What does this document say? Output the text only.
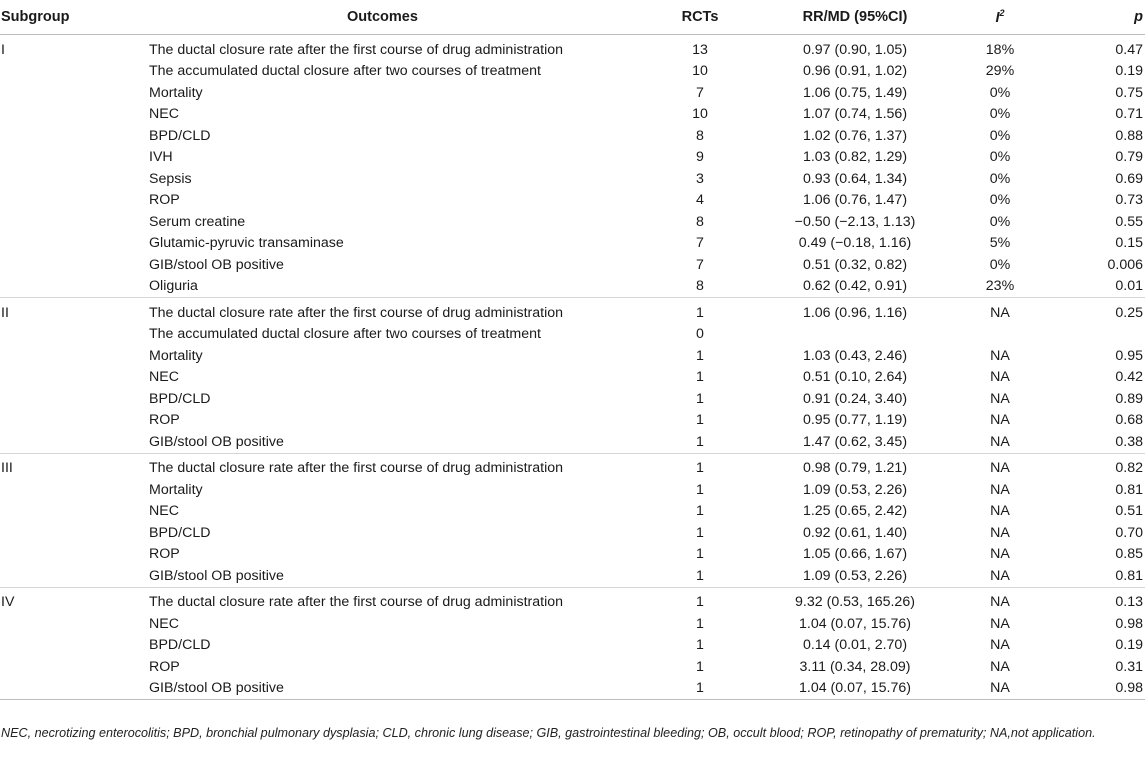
Subgroup	Outcomes	RCTs	RR/MD (95%CI)	$I^2$	p
I	The ductal closure rate after the first course of drug administration	13	0.97 (0.90, 1.05)	18%	0.47
	The accumulated ductal closure after two courses of treatment	10	0.96 (0.91, 1.02)	29%	0.19
	Mortality	7	1.06 (0.75, 1.49)	0%	0.75
	NEC	10	1.07 (0.74, 1.56)	0%	0.71
	BPD/CLD	8	1.02 (0.76, 1.37)	0%	0.88
	IVH	9	1.03 (0.82, 1.29)	0%	0.79
	Sepsis	3	0.93 (0.64, 1.34)	0%	0.69
	ROP	4	1.06 (0.76, 1.47)	0%	0.73
	Serum creatine	8	−0.50 (−2.13, 1.13)	0%	0.55
	Glutamic-pyruvic transaminase	7	0.49 (−0.18, 1.16)	5%	0.15
	GIB/stool OB positive	7	0.51 (0.32, 0.82)	0%	0.006
	Oliguria	8	0.62 (0.42, 0.91)	23%	0.01
II	The ductal closure rate after the first course of drug administration	1	1.06 (0.96, 1.16)	NA	0.25
	The accumulated ductal closure after two courses of treatment	0			
	Mortality	1	1.03 (0.43, 2.46)	NA	0.95
	NEC	1	0.51 (0.10, 2.64)	NA	0.42
	BPD/CLD	1	0.91 (0.24, 3.40)	NA	0.89
	ROP	1	0.95 (0.77, 1.19)	NA	0.68
	GIB/stool OB positive	1	1.47 (0.62, 3.45)	NA	0.38
III	The ductal closure rate after the first course of drug administration	1	0.98 (0.79, 1.21)	NA	0.82
	Mortality	1	1.09 (0.53, 2.26)	NA	0.81
	NEC	1	1.25 (0.65, 2.42)	NA	0.51
	BPD/CLD	1	0.92 (0.61, 1.40)	NA	0.70
	ROP	1	1.05 (0.66, 1.67)	NA	0.85
	GIB/stool OB positive	1	1.09 (0.53, 2.26)	NA	0.81
IV	The ductal closure rate after the first course of drug administration	1	9.32 (0.53, 165.26)	NA	0.13
	NEC	1	1.04 (0.07, 15.76)	NA	0.98
	BPD/CLD	1	0.14 (0.01, 2.70)	NA	0.19
	ROP	1	3.11 (0.34, 28.09)	NA	0.31
	GIB/stool OB positive	1	1.04 (0.07, 15.76)	NA	0.98
NEC, necrotizing enterocolitis; BPD, bronchial pulmonary dysplasia; CLD, chronic lung disease; GIB, gastrointestinal bleeding; OB, occult blood; ROP, retinopathy of prematurity; NA,not application.
